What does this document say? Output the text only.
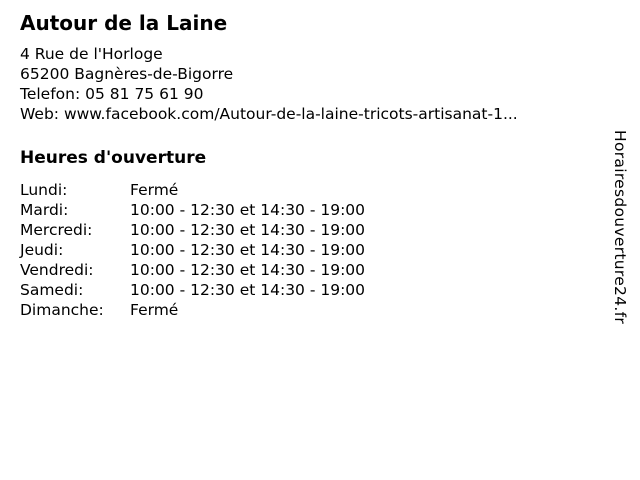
Autour de la Laine

4 Rue de l'Horloge

65200 Bagnères-de-Bigorre

Telefon: 05 81 75 61 90

Web: www.facebook.com/Autour-de-la-laine-tricots-artisanat-1...

Heures d'ouverture
Lundi:	Fermé
Mardi:	10:00 - 12:30 et 14:30 - 19:00
Mercredi:	10:00 - 12:30 et 14:30 - 19:00
Jeudi:	10:00 - 12:30 et 14:30 - 19:00
Vendredi:	10:00 - 12:30 et 14:30 - 19:00
Samedi:	10:00 - 12:30 et 14:30 - 19:00
Dimanche:	Fermé	Horairesdouverture24.fr
